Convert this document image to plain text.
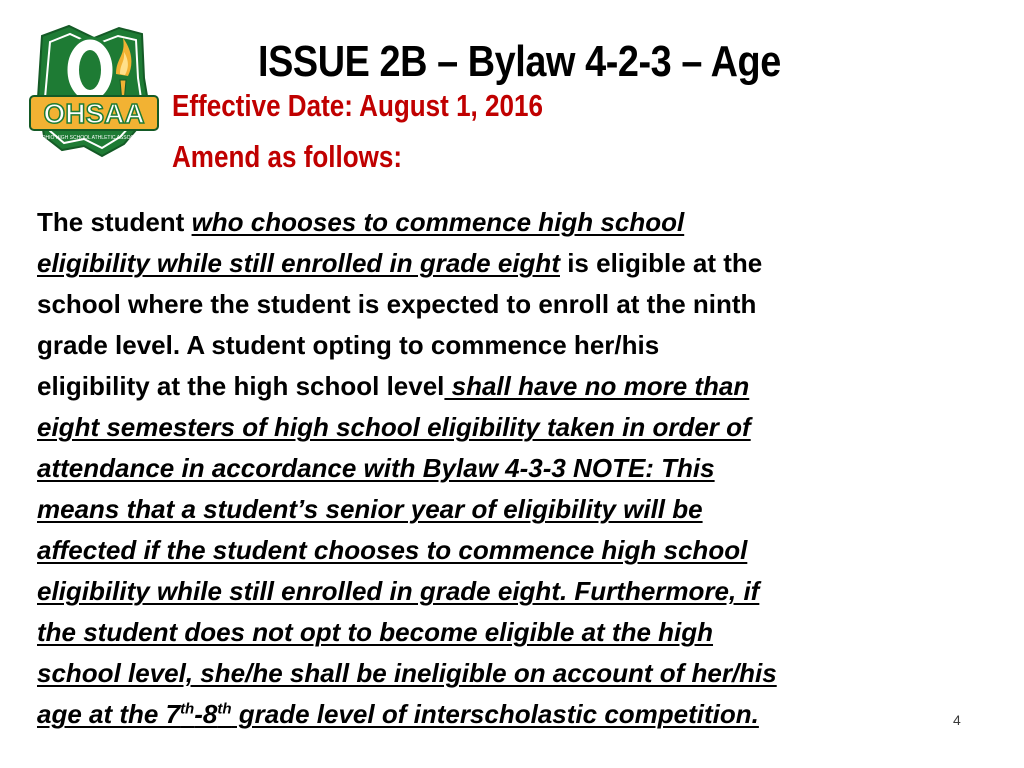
OHSAA
OHIO HIGH SCHOOL ATHLETIC ASSOCIATION
ISSUE 2B – Bylaw 4-2-3 – Age
Effective Date: August 1, 2016
Amend as follows:
The student who chooses to commence high school
eligibility while still enrolled in grade eight is eligible at the
school where the student is expected to enroll at the ninth
grade level. A student opting to commence her/his
eligibility at the high school level shall have no more than
eight semesters of high school eligibility taken in order of
attendance in accordance with Bylaw 4-3-3 NOTE: This
means that a student’s senior year of eligibility will be
affected if the student chooses to commence high school
eligibility while still enrolled in grade eight. Furthermore, if
the student does not opt to become eligible at the high
school level, she/he shall be ineligible on account of her/his
age at the 7th-8th grade level of interscholastic competition.	4
